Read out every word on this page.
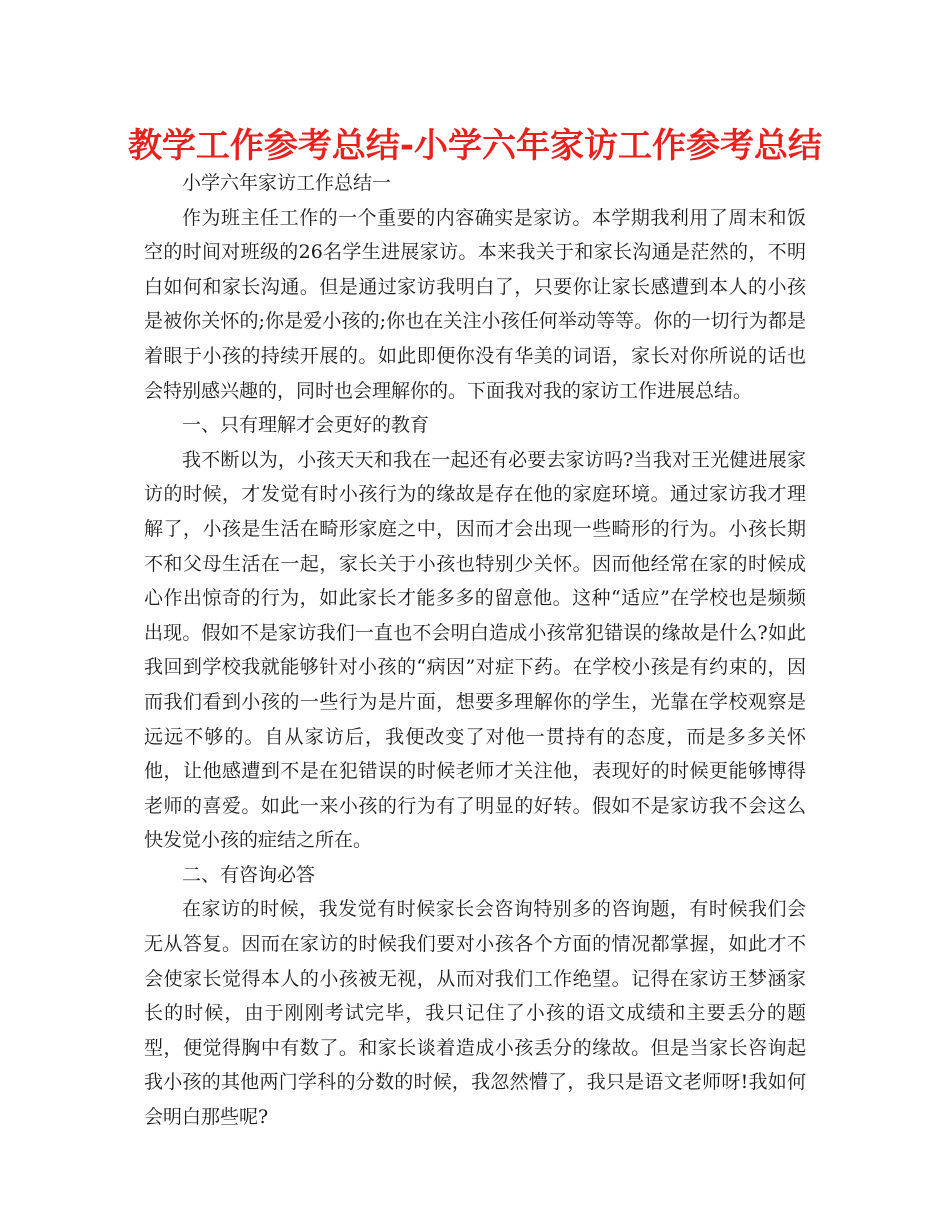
教学工作参考总结-小学六年家访工作参考总结

小学六年家访工作总结一

作为班主任工作的一个重要的内容确实是家访。本学期我利用了周末和饭空的时间对班级的26名学生进展家访。本来我关于和家长沟通是茫然的，不明白如何和家长沟通。但是通过家访我明白了，只要你让家长感遭到本人的小孩是被你关怀的;你是爱小孩的;你也在关注小孩任何举动等等。你的一切行为都是着眼于小孩的持续开展的。如此即便你没有华美的词语，家长对你所说的话也会特别感兴趣的，同时也会理解你的。下面我对我的家访工作进展总结。

一、只有理解才会更好的教育

我不断以为，小孩天天和我在一起还有必要去家访吗?当我对王光健进展家访的时候，才发觉有时小孩行为的缘故是存在他的家庭环境。通过家访我才理解了，小孩是生活在畸形家庭之中，因而才会出现一些畸形的行为。小孩长期不和父母生活在一起，家长关于小孩也特别少关怀。因而他经常在家的时候成心作出惊奇的行为，如此家长才能多多的留意他。这种“适应”在学校也是频频出现。假如不是家访我们一直也不会明白造成小孩常犯错误的缘故是什么?如此我回到学校我就能够针对小孩的“病因”对症下药。在学校小孩是有约束的，因而我们看到小孩的一些行为是片面，想要多理解你的学生，光靠在学校观察是远远不够的。自从家访后，我便改变了对他一贯持有的态度，而是多多关怀他，让他感遭到不是在犯错误的时候老师才关注他，表现好的时候更能够博得老师的喜爱。如此一来小孩的行为有了明显的好转。假如不是家访我不会这么快发觉小孩的症结之所在。

二、有咨询必答

在家访的时候，我发觉有时候家长会咨询特别多的咨询题，有时候我们会无从答复。因而在家访的时候我们要对小孩各个方面的情况都掌握，如此才不会使家长觉得本人的小孩被无视，从而对我们工作绝望。记得在家访王梦涵家长的时候，由于刚刚考试完毕，我只记住了小孩的语文成绩和主要丢分的题型，便觉得胸中有数了。和家长谈着造成小孩丢分的缘故。但是当家长咨询起我小孩的其他两门学科的分数的时候，我忽然懵了，我只是语文老师呀!我如何会明白那些呢?
